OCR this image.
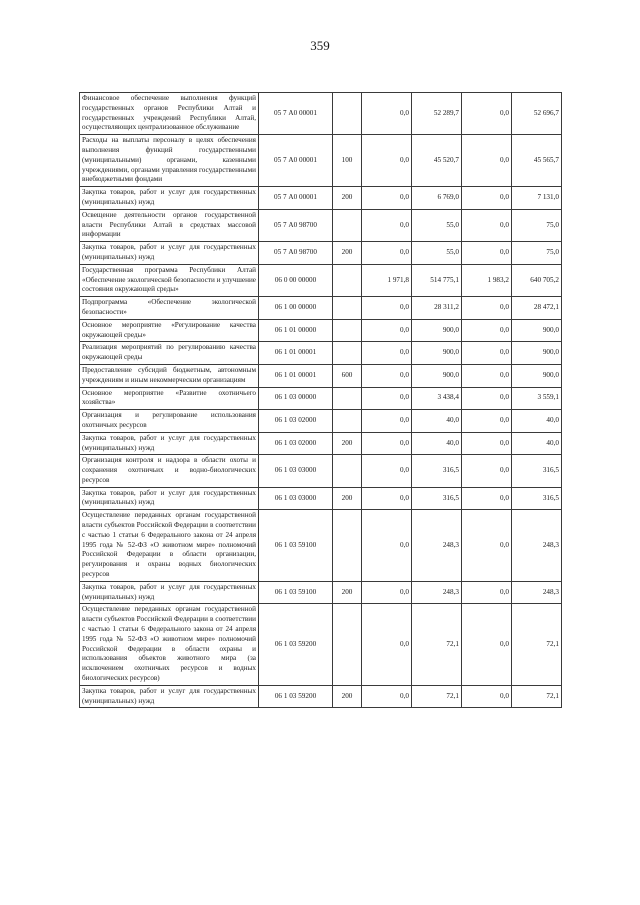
359
Финансовое обеспечение выполнения функций государственных органов Республики Алтай и государственных учреждений Республики Алтай, осуществляющих централизованное обслуживание	05 7 А0 00001		0,0	52 289,7	0,0	52 696,7
Расходы на выплаты персоналу в целях обеспечения выполнения функций государственными (муниципальными) органами, казенными учреждениями, органами управления государственными внебюджетными фондами	05 7 А0 00001	100	0,0	45 520,7	0,0	45 565,7
Закупка товаров, работ и услуг для государственных (муниципальных) нужд	05 7 А0 00001	200	0,0	6 769,0	0,0	7 131,0
Освещение деятельности органов государственной власти Республики Алтай в средствах массовой информации	05 7 А0 98700		0,0	55,0	0,0	75,0
Закупка товаров, работ и услуг для государственных (муниципальных) нужд	05 7 А0 98700	200	0,0	55,0	0,0	75,0
Государственная программа Республики Алтай «Обеспечение экологической безопасности и улучшение состояния окружающей среды»	06 0 00 00000		1 971,8	514 775,1	1 983,2	640 705,2
Подпрограмма «Обеспечение экологической безопасности»	06 1 00 00000		0,0	28 311,2	0,0	28 472,1
Основное мероприятие «Регулирование качества окружающей среды»	06 1 01 00000		0,0	900,0	0,0	900,0
Реализация мероприятий по регулированию качества окружающей среды	06 1 01 00001		0,0	900,0	0,0	900,0
Предоставление субсидий бюджетным, автономным учреждениям и иным некоммерческим организациям	06 1 01 00001	600	0,0	900,0	0,0	900,0
Основное мероприятие «Развитие охотничьего хозяйства»	06 1 03 00000		0,0	3 438,4	0,0	3 559,1
Организация и регулирование использования охотничьих ресурсов	06 1 03 02000		0,0	40,0	0,0	40,0
Закупка товаров, работ и услуг для государственных (муниципальных) нужд	06 1 03 02000	200	0,0	40,0	0,0	40,0
Организация контроля и надзора в области охоты и сохранения охотничьих и водно-биологических ресурсов	06 1 03 03000		0,0	316,5	0,0	316,5
Закупка товаров, работ и услуг для государственных (муниципальных) нужд	06 1 03 03000	200	0,0	316,5	0,0	316,5
Осуществление переданных органам государственной власти субъектов Российской Федерации в соответствии с частью 1 статьи 6 Федерального закона от 24 апреля 1995 года № 52-ФЗ «О животном мире» полномочий Российской Федерации в области организации, регулирования и охраны водных биологических ресурсов	06 1 03 59100		0,0	248,3	0,0	248,3
Закупка товаров, работ и услуг для государственных (муниципальных) нужд	06 1 03 59100	200	0,0	248,3	0,0	248,3
Осуществление переданных органам государственной власти субъектов Российской Федерации в соответствии с частью 1 статьи 6 Федерального закона от 24 апреля 1995 года № 52-ФЗ «О животном мире» полномочий Российской Федерации в области охраны и использования объектов животного мира (за исключением охотничьих ресурсов и водных биологических ресурсов)	06 1 03 59200		0,0	72,1	0,0	72,1
Закупка товаров, работ и услуг для государственных (муниципальных) нужд	06 1 03 59200	200	0,0	72,1	0,0	72,1
